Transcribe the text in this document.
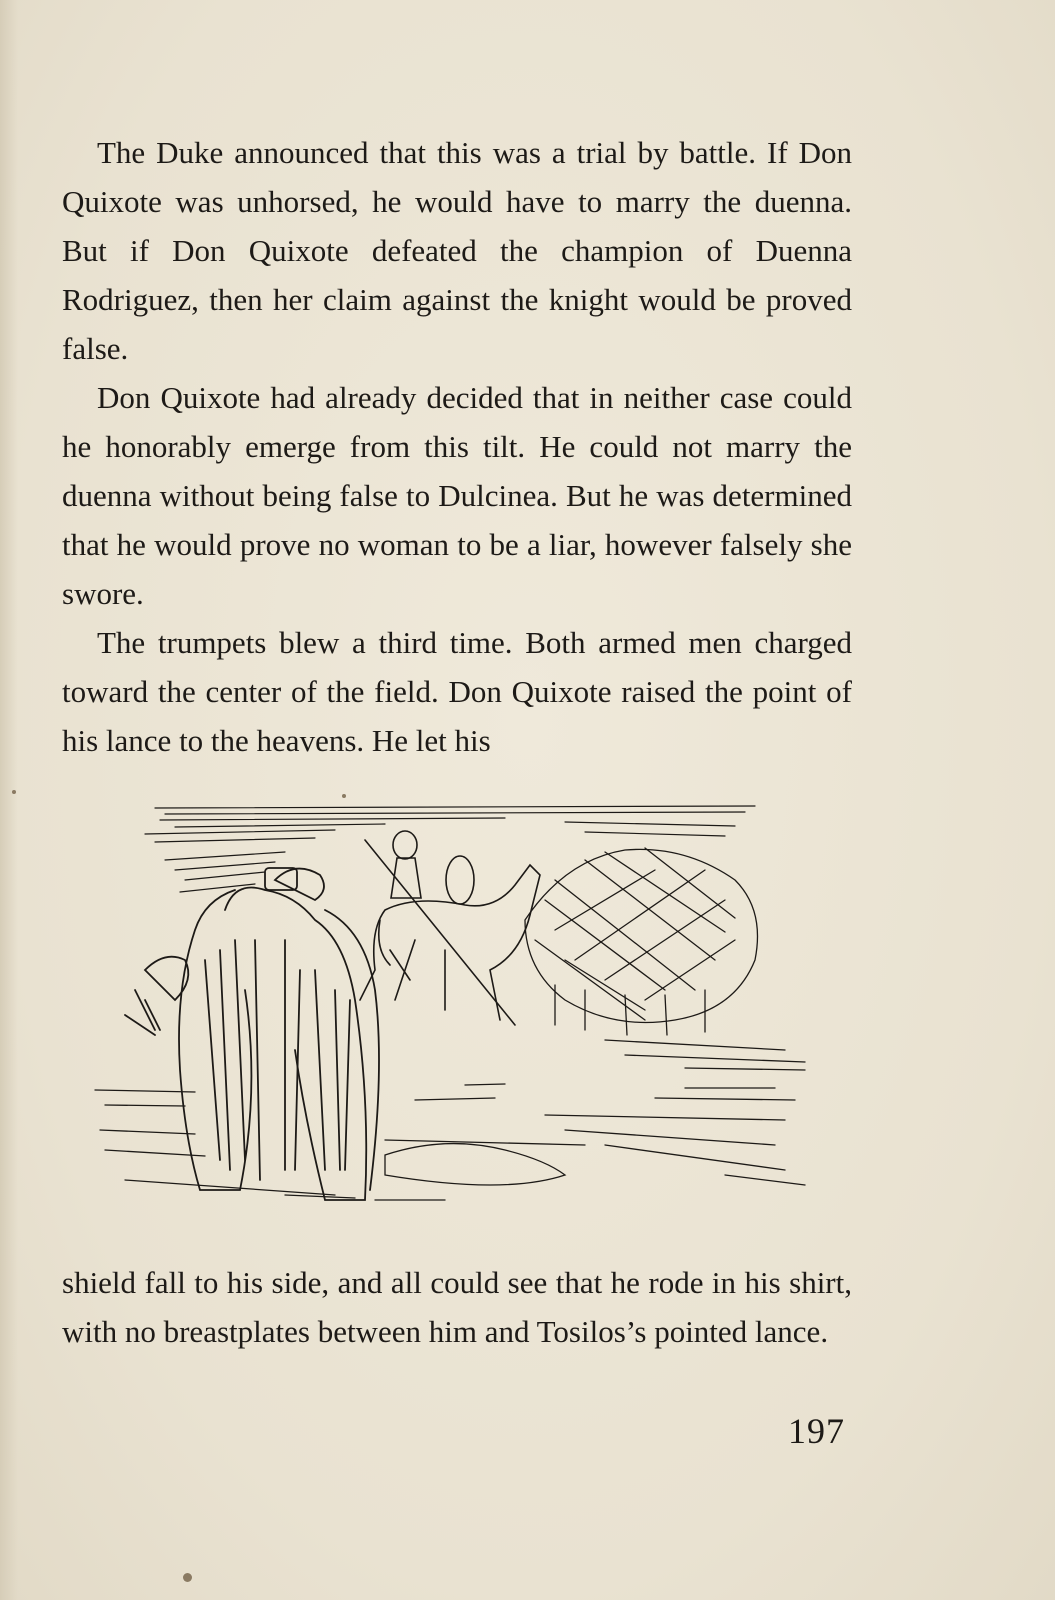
The Duke announced that this was a trial by battle. If Don Quixote was unhorsed, he would have to marry the duenna. But if Don Quixote defeated the champion of Duenna Rodriguez, then her claim against the knight would be proved false.

Don Quixote had already decided that in neither case could he honorably emerge from this tilt. He could not marry the duenna without being false to Dulcinea. But he was determined that he would prove no woman to be a liar, however falsely she swore.

The trumpets blew a third time. Both armed men charged toward the center of the field. Don Quixote raised the point of his lance to the heavens. He let his

shield fall to his side, and all could see that he rode in his shirt, with no breastplates between him and Tosilos’s pointed lance.

197
